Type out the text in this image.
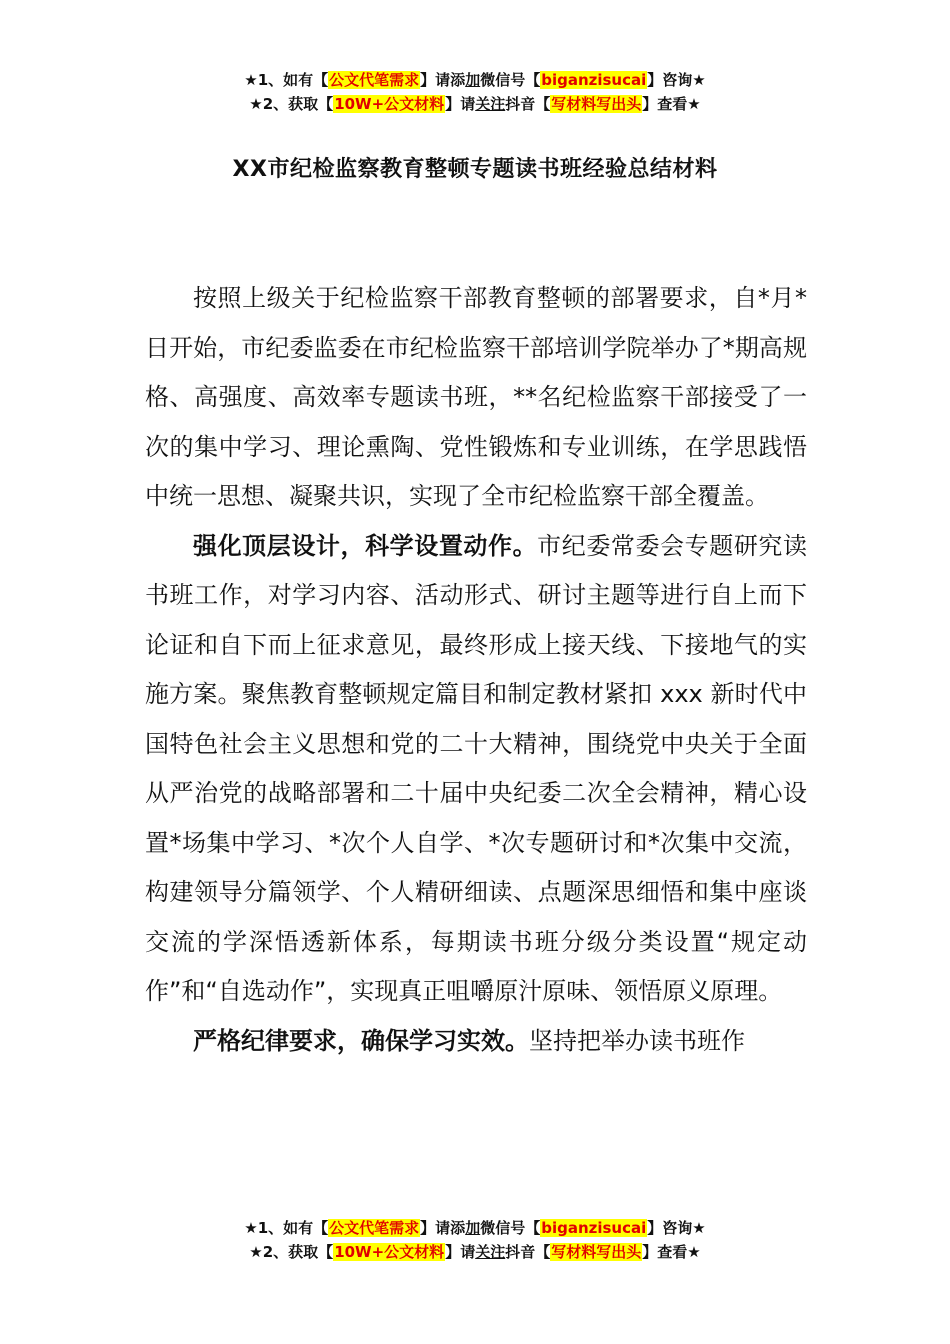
★1、如有【公文代笔需求】请添加微信号【biganzisucai】咨询★
★2、获取【10W+公文材料】请关注抖音【写材料写出头】查看★
XX市纪检监察教育整顿专题读书班经验总结材料

按照上级关于纪检监察干部教育整顿的部署要求，自*月*日开始，市纪委监委在市纪检监察干部培训学院举办了*期高规格、高强度、高效率专题读书班，**名纪检监察干部接受了一次的集中学习、理论熏陶、党性锻炼和专业训练，在学思践悟中统一思想、凝聚共识，实现了全市纪检监察干部全覆盖。

强化顶层设计，科学设置动作。市纪委常委会专题研究读书班工作，对学习内容、活动形式、研讨主题等进行自上而下论证和自下而上征求意见，最终形成上接天线、下接地气的实施方案。聚焦教育整顿规定篇目和制定教材紧扣 xxx 新时代中国特色社会主义思想和党的二十大精神，围绕党中央关于全面从严治党的战略部署和二十届中央纪委二次全会精神，精心设置*场集中学习、*次个人自学、*次专题研讨和*次集中交流，构建领导分篇领学、个人精研细读、点题深思细悟和集中座谈交流的学深悟透新体系，每期读书班分级分类设置“规定动作”和“自选动作”，实现真正咀嚼原汁原味、领悟原义原理。

严格纪律要求，确保学习实效。坚持把举办读书班作

★1、如有【公文代笔需求】请添加微信号【biganzisucai】咨询★
★2、获取【10W+公文材料】请关注抖音【写材料写出头】查看★
